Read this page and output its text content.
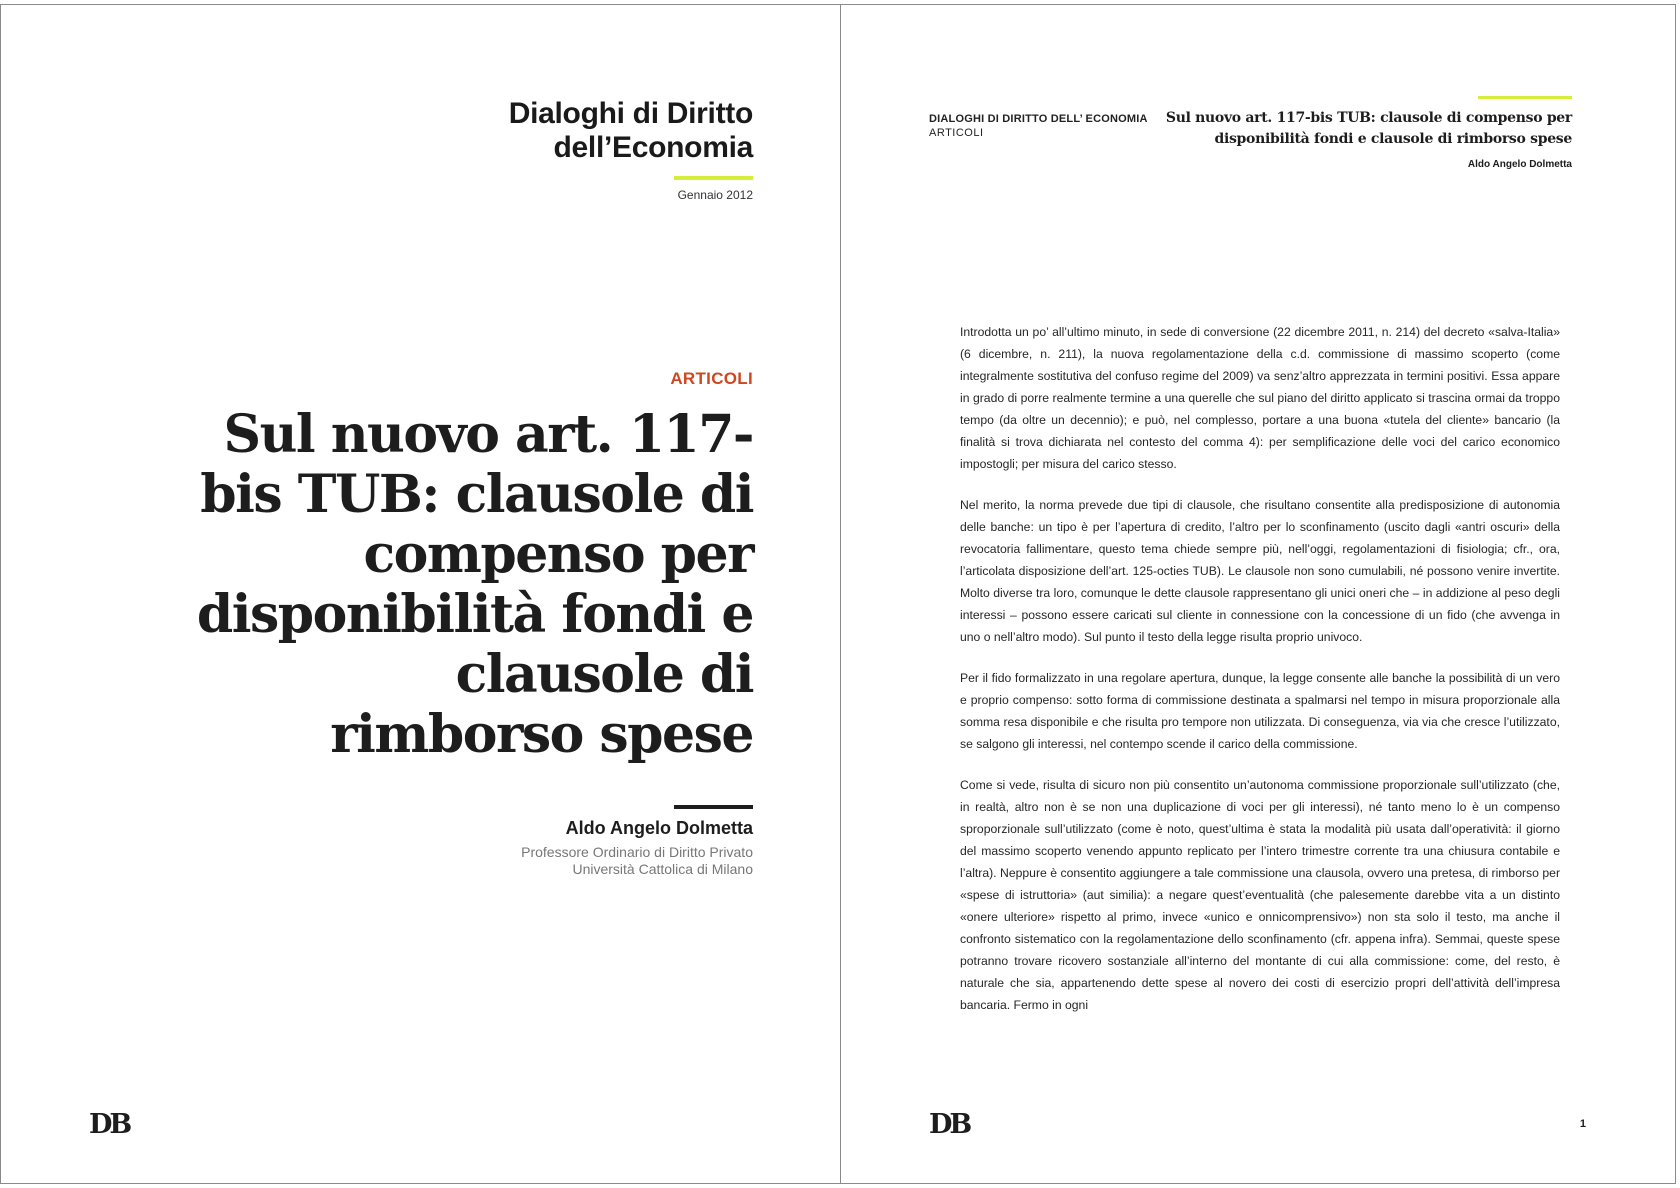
Dialoghi di Diritto
dell’Economia
Gennaio 2012
ARTICOLI
Sul nuovo art. 117-bis TUB: clausole di compenso per disponibilità fondi e clausole di rimborso spese
Aldo Angelo Dolmetta
Professore Ordinario di Diritto Privato
Università Cattolica di Milano
DB
DIALOGHI DI DIRITTO DELL’ ECONOMIA
ARTICOLI
Sul nuovo art. 117-bis TUB: clausole di compenso per disponibilità fondi e clausole di rimborso spese
Aldo Angelo Dolmetta

Introdotta un po’ all’ultimo minuto, in sede di conversione (22 dicembre 2011, n. 214) del decreto «salva-Italia» (6 dicembre, n. 211), la nuova regolamentazione della c.d. commissione di massimo scoperto (come integralmente sostitutiva del confuso regime del 2009) va senz’altro apprezzata in termini positivi. Essa appare in grado di porre realmente termine a una querelle che sul piano del diritto applicato si trascina ormai da troppo tempo (da oltre un decennio); e può, nel complesso, portare a una buona «tutela del cliente» bancario (la finalità si trova dichiarata nel contesto del comma 4): per semplificazione delle voci del carico economico impostogli; per misura del carico stesso.

Nel merito, la norma prevede due tipi di clausole, che risultano consentite alla predisposizione di autonomia delle banche: un tipo è per l’apertura di credito, l’altro per lo sconfinamento (uscito dagli «antri oscuri» della revocatoria fallimentare, questo tema chiede sempre più, nell’oggi, regolamentazioni di fisiologia; cfr., ora, l’articolata disposizione dell’art. 125-octies TUB). Le clausole non sono cumulabili, né possono venire invertite. Molto diverse tra loro, comunque le dette clausole rappresentano gli unici oneri che – in addizione al peso degli interessi – possono essere caricati sul cliente in connessione con la concessione di un fido (che avvenga in uno o nell’altro modo). Sul punto il testo della legge risulta proprio univoco.

Per il fido formalizzato in una regolare apertura, dunque, la legge consente alle banche la possibilità di un vero e proprio compenso: sotto forma di commissione destinata a spalmarsi nel tempo in misura proporzionale alla somma resa disponibile e che risulta pro tempore non utilizzata. Di conseguenza, via via che cresce l’utilizzato, se salgono gli interessi, nel contempo scende il carico della commissione.

Come si vede, risulta di sicuro non più consentito un’autonoma commissione proporzionale sull’utilizzato (che, in realtà, altro non è se non una duplicazione di voci per gli interessi), né tanto meno lo è un compenso sproporzionale sull’utilizzato (come è noto, quest’ultima è stata la modalità più usata dall’operatività: il giorno del massimo scoperto venendo appunto replicato per l’intero trimestre corrente tra una chiusura contabile e l’altra). Neppure è consentito aggiungere a tale commissione una clausola, ovvero una pretesa, di rimborso per «spese di istruttoria» (aut similia): a negare quest’eventualità (che palesemente darebbe vita a un distinto «onere ulteriore» rispetto al primo, invece «unico e onnicomprensivo») non sta solo il testo, ma anche il confronto sistematico con la regolamentazione dello sconfinamento (cfr. appena infra). Semmai, queste spese potranno trovare ricovero sostanziale all’interno del montante di cui alla commissione: come, del resto, è naturale che sia, appartenendo dette spese al novero dei costi di esercizio propri dell’attività dell’impresa bancaria. Fermo in ogni

DB	1
